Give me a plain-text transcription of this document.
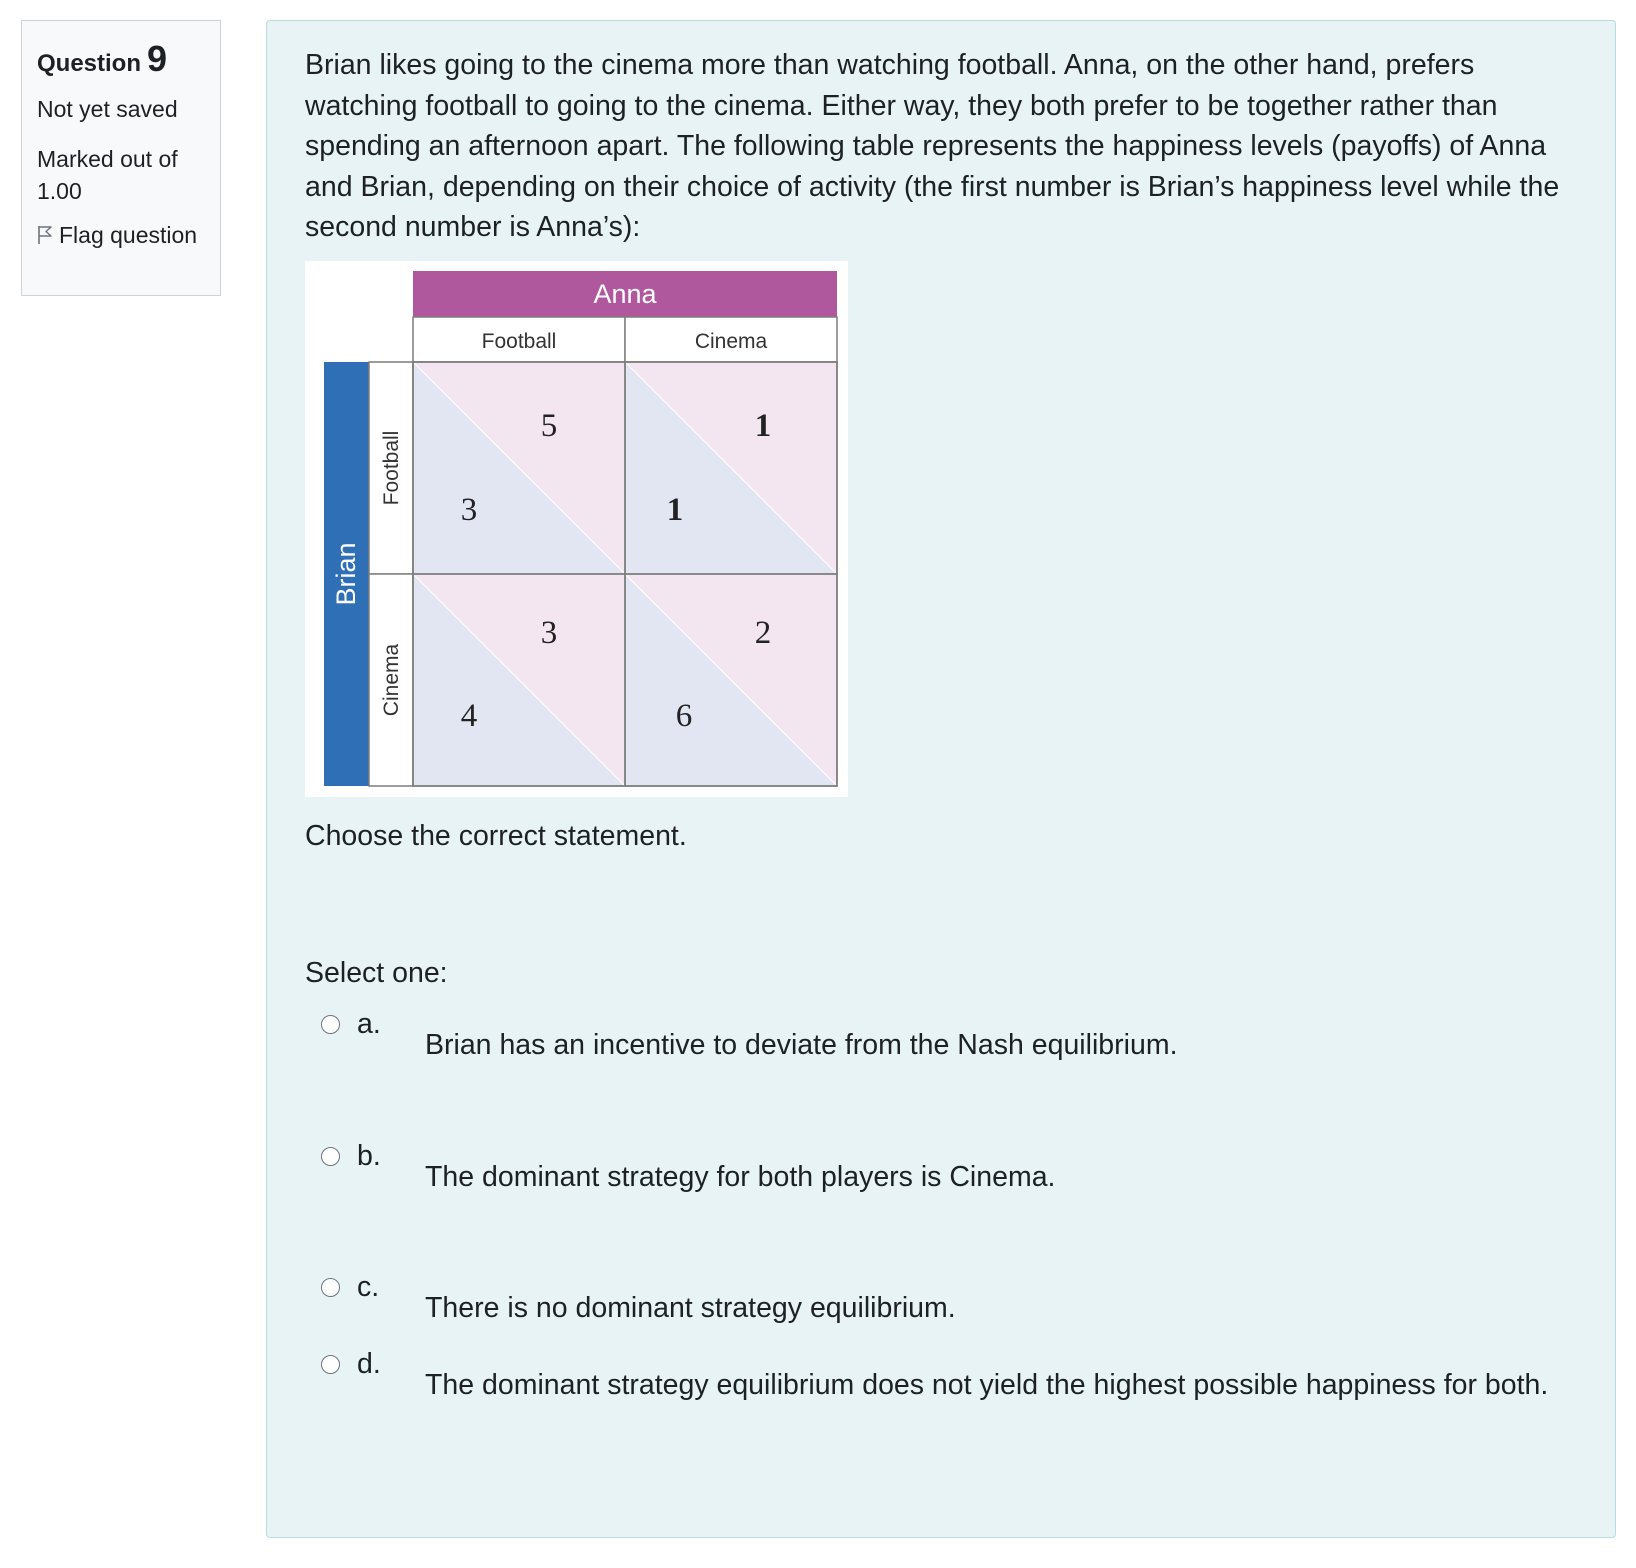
Question 9
Not yet saved
Marked out of 1.00
Flag question

Brian likes going to the cinema more than watching football. Anna, on the other hand, prefers watching football to going to the cinema. Either way, they both prefer to be together rather than spending an afternoon apart. The following table represents the happiness levels (payoffs) of Anna and Brian, depending on their choice of activity (the first number is Brian’s happiness level while the second number is Anna’s):

Anna
Football	Cinema
Brian
Football
Cinema
3
5
1
1
4
3
6
2

Choose the correct statement.

Select one:

a.
Brian has an incentive to deviate from the Nash equilibrium.
b.
The dominant strategy for both players is Cinema.
c.
There is no dominant strategy equilibrium.
d.
The dominant strategy equilibrium does not yield the highest possible happiness for both.
